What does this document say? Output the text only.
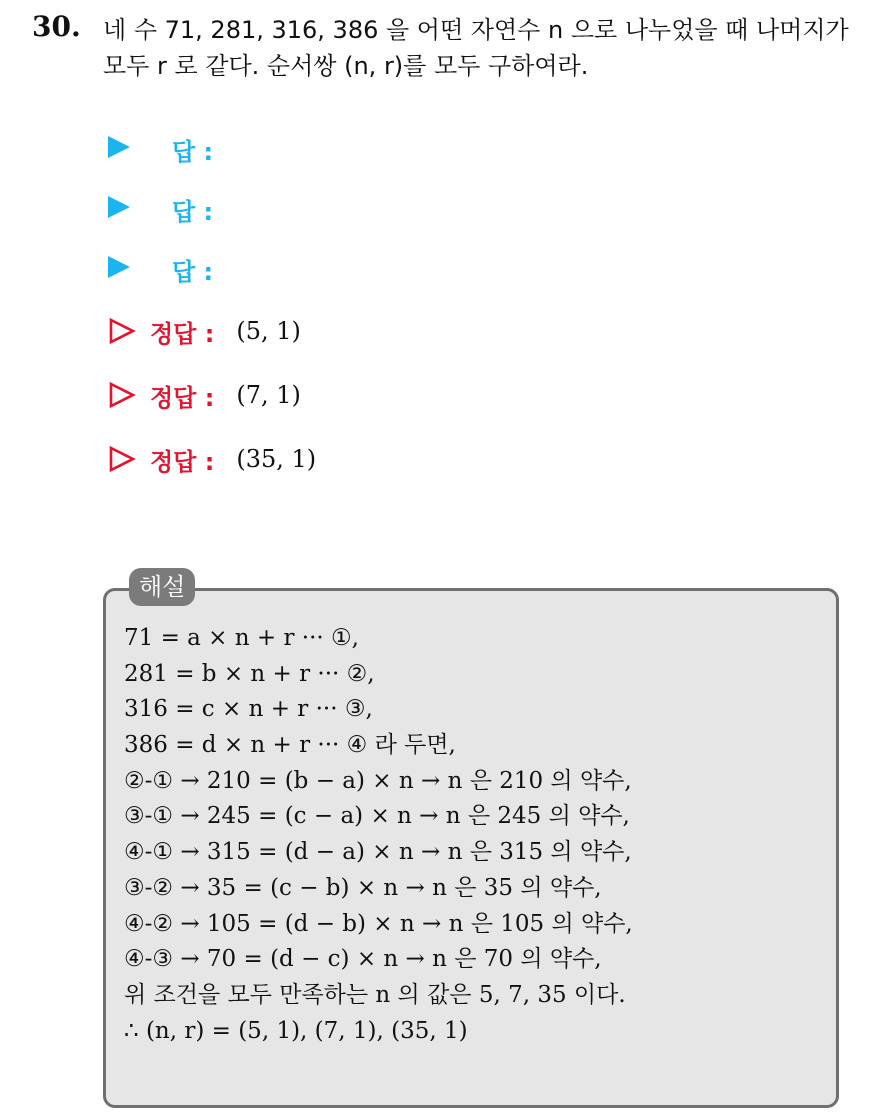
30. 네 수 71, 281, 316, 386 을 어떤 자연수 n 으로 나누었을 때 나머지가
모두 r 로 같다. 순서쌍 (n, r)를 모두 구하여라.
답 :
답 :
답 :
정답 : (5, 1)
정답 : (7, 1)
정답 : (35, 1)
해설
71 = a × n + r ··· ①,
281 = b × n + r ··· ②,
316 = c × n + r ··· ③,
386 = d × n + r ··· ④ 라 두면,
②-① → 210 = (b − a) × n → n 은 210 의 약수,
③-① → 245 = (c − a) × n → n 은 245 의 약수,
④-① → 315 = (d − a) × n → n 은 315 의 약수,
③-② → 35 = (c − b) × n → n 은 35 의 약수,
④-② → 105 = (d − b) × n → n 은 105 의 약수,
④-③ → 70 = (d − c) × n → n 은 70 의 약수,
위 조건을 모두 만족하는 n 의 값은 5, 7, 35 이다.
∴ (n, r) = (5, 1), (7, 1), (35, 1)
